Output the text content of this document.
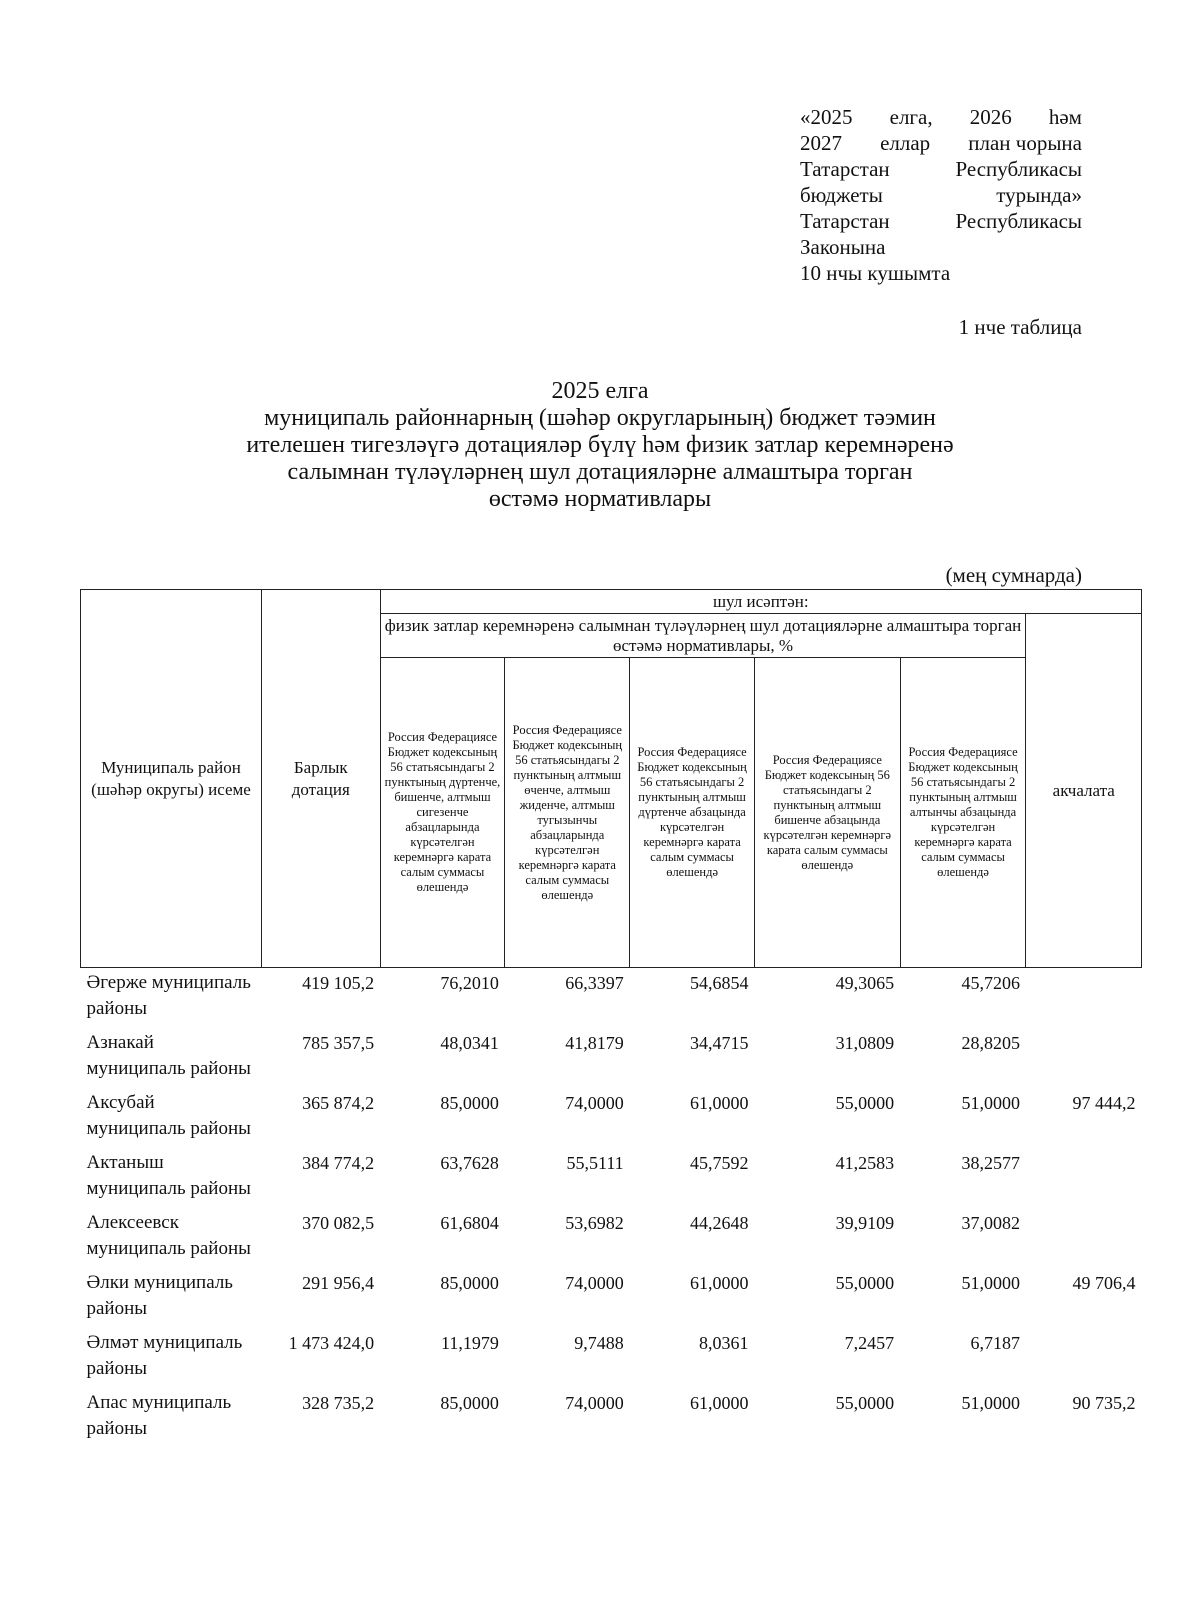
«2025 елга, 2026 һәм
2027 еллар план чорына
Татарстан	Республикасы
бюджеты	турында»
Татарстан	Республикасы
Законына
10 нчы кушымта
1 нче таблица
2025 елга
муниципаль районнарның (шәһәр округларының) бюджет тәэмин
ителешен тигезләүгә дотацияләр бүлү һәм физик затлар керемнәренә
салымнан түләүләрнең шул дотацияләрне алмаштыра торган
өстәмә нормативлары
(мең сумнарда)
Муниципаль район (шәһәр округы) исеме	Барлык дотация	шул исәптән:					
		физик затлар керемнәренә салымнан түләүләрнең шул дотацияләрне алмаштыра торган өстәмә нормативлары, %					акчалата
		Россия Федерациясе Бюджет кодексының 56 статьясындагы 2 пунктының дүртенче, бишенче, алтмыш сигезенче абзацларында күрсәтелгән керемнәргә карата салым суммасы өлешендә	Россия Федерациясе Бюджет кодексының 56 статьясындагы 2 пунктының алтмыш өченче, алтмыш жиденче, алтмыш тугызынчы абзацларында күрсәтелгән керемнәргә карата салым суммасы өлешендә	Россия Федерациясе Бюджет кодексының 56 статьясындагы 2 пунктының алтмыш дүртенче абзацында күрсәтелгән керемнәргә карата салым суммасы өлешендә	Россия Федерациясе Бюджет кодексының 56 статьясындагы 2 пунктының алтмыш бишенче абзацында күрсәтелгән керемнәргә карата салым суммасы өлешендә	Россия Федерациясе Бюджет кодексының 56 статьясындагы 2 пунктының алтмыш алтынчы абзацында күрсәтелгән керемнәргә карата салым суммасы өлешендә	
Әгерже муниципаль районы	419 105,2	76,2010	66,3397	54,6854	49,3065	45,7206	
Азнакай муниципаль районы	785 357,5	48,0341	41,8179	34,4715	31,0809	28,8205	
Аксубай муниципаль районы	365 874,2	85,0000	74,0000	61,0000	55,0000	51,0000	97 444,2
Актаныш муниципаль районы	384 774,2	63,7628	55,5111	45,7592	41,2583	38,2577	
Алексеевск муниципаль районы	370 082,5	61,6804	53,6982	44,2648	39,9109	37,0082	
Әлки муниципаль районы	291 956,4	85,0000	74,0000	61,0000	55,0000	51,0000	49 706,4
Әлмәт муниципаль районы	1 473 424,0	11,1979	9,7488	8,0361	7,2457	6,7187	
Апас муниципаль районы	328 735,2	85,0000	74,0000	61,0000	55,0000	51,0000	90 735,2
